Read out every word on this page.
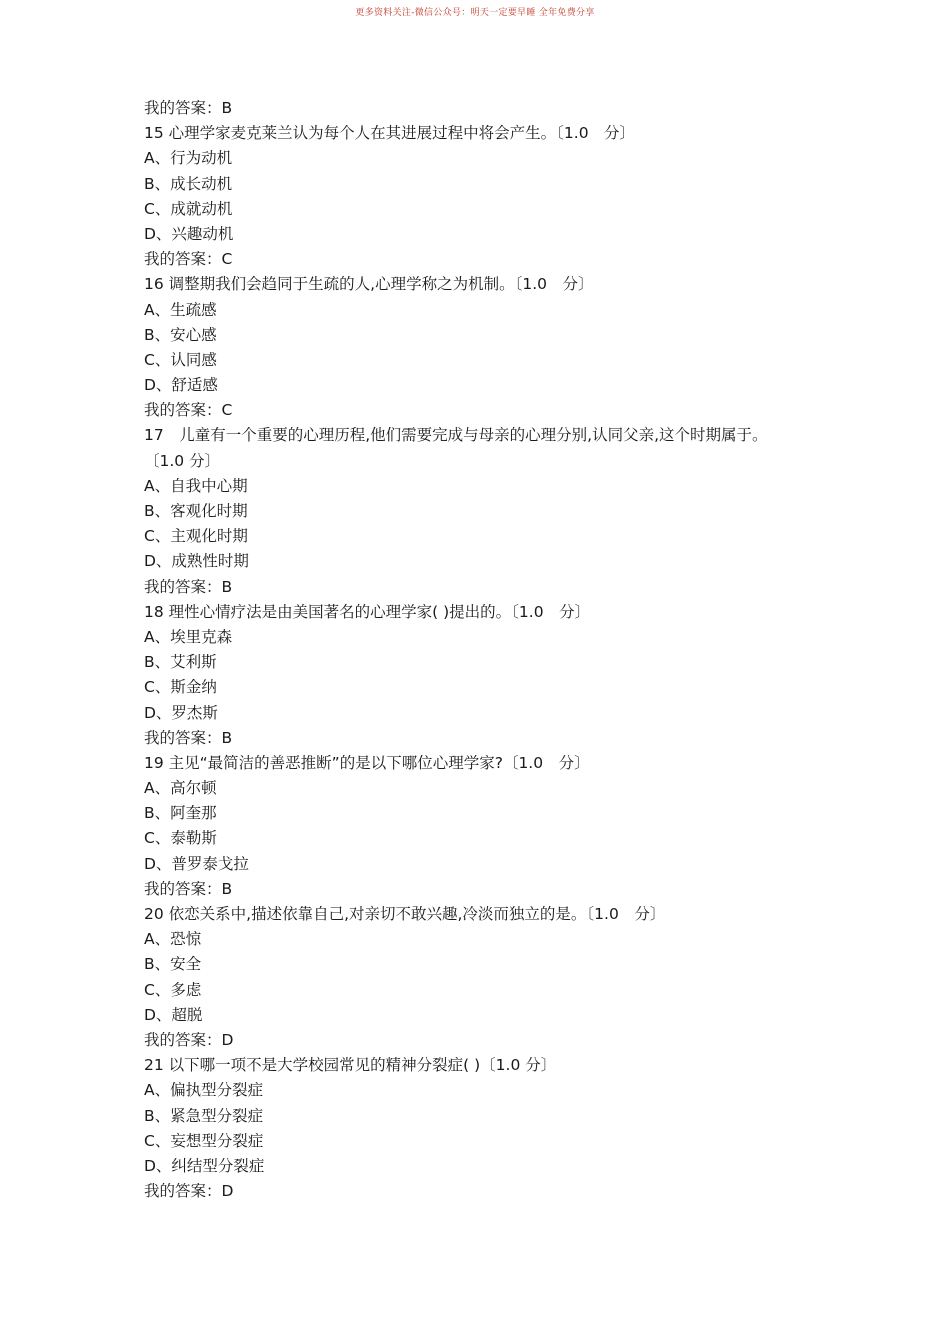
更多资料关注-微信公众号：明天一定要早睡 全年免费分享
我的答案：B
15 心理学家麦克莱兰认为每个人在其进展过程中将会产生。〔1.0　分〕
A、行为动机
B、成长动机
C、成就动机
D、兴趣动机
我的答案：C
16 调整期我们会趋同于生疏的人,心理学称之为机制。〔1.0　分〕
A、生疏感
B、安心感
C、认同感
D、舒适感
我的答案：C
17　儿童有一个重要的心理历程,他们需要完成与母亲的心理分别,认同父亲,这个时期属于。
〔1.0 分〕
A、自我中心期
B、客观化时期
C、主观化时期
D、成熟性时期
我的答案：B
18 理性心情疗法是由美国著名的心理学家( )提出的。〔1.0　分〕
A、埃里克森
B、艾利斯
C、斯金纳
D、罗杰斯
我的答案：B
19 主见“最简洁的善恶推断”的是以下哪位心理学家?〔1.0　分〕
A、高尔顿
B、阿奎那
C、泰勒斯
D、普罗泰戈拉
我的答案：B
20 依恋关系中,描述依靠自己,对亲切不敢兴趣,冷淡而独立的是。〔1.0　分〕
A、恐惊
B、安全
C、多虑
D、超脱
我的答案：D
21 以下哪一项不是大学校园常见的精神分裂症( )〔1.0 分〕
A、偏执型分裂症
B、紧急型分裂症
C、妄想型分裂症
D、纠结型分裂症
我的答案：D
